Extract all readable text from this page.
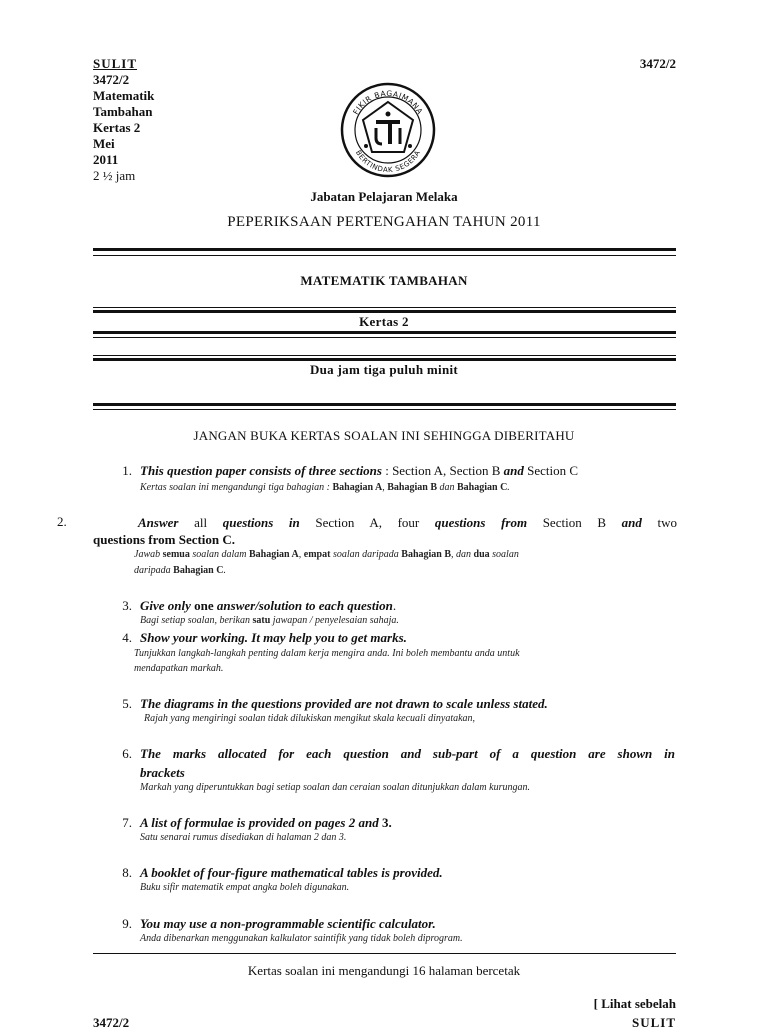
SULIT
3472/2
Matematik
Tambahan
Kertas 2
Mei
2011
2 ½ jam
3472/2
FIKIR BAGAIMANA
BERTINDAK SEGERA
Jabatan Pelajaran Melaka
PEPERIKSAAN PERTENGAHAN TAHUN 2011
MATEMATIK TAMBAHAN
Kertas 2
Dua jam tiga puluh minit
JANGAN BUKA KERTAS SOALAN INI SEHINGGA DIBERITAHU
1. This question paper consists of three sections : Section A, Section B and Section C
Kertas soalan ini mengandungi tiga bahagian : Bahagian A, Bahagian B dan Bahagian C.
2.	Answer all questions in Section A, four questions from Section B and two
questions from Section C.
Jawab semua soalan dalam Bahagian A, empat soalan daripada Bahagian B, dan dua soalan
daripada Bahagian C.
3. Give only one answer/solution to each question.
Bagi setiap soalan, berikan satu jawapan / penyelesaian sahaja.
4. Show your working. It may help you to get marks.
Tunjukkan langkah-langkah penting dalam kerja mengira anda. Ini boleh membantu anda untuk
mendapatkan markah.
5. The diagrams in the questions provided are not drawn to scale unless stated.
Rajah yang mengiringi soalan tidak dilukiskan mengikut skala kecuali dinyatakan,
6. The marks allocated for each question and sub-part of a question are shown in
brackets
Markah yang diperuntukkan bagi setiap soalan dan ceraian soalan ditunjukkan dalam kurungan.
7. A list of formulae is provided on pages 2 and 3.
Satu senarai rumus disediakan di halaman 2 dan 3.
8. A booklet of four-figure mathematical tables is provided.
Buku sifir matematik empat angka boleh digunakan.
9. You may use a non-programmable scientific calculator.
Anda dibenarkan menggunakan kalkulator saintifik yang tidak boleh diprogram.
Kertas soalan ini mengandungi 16 halaman bercetak
[ Lihat sebelah
3472/2	SULIT
